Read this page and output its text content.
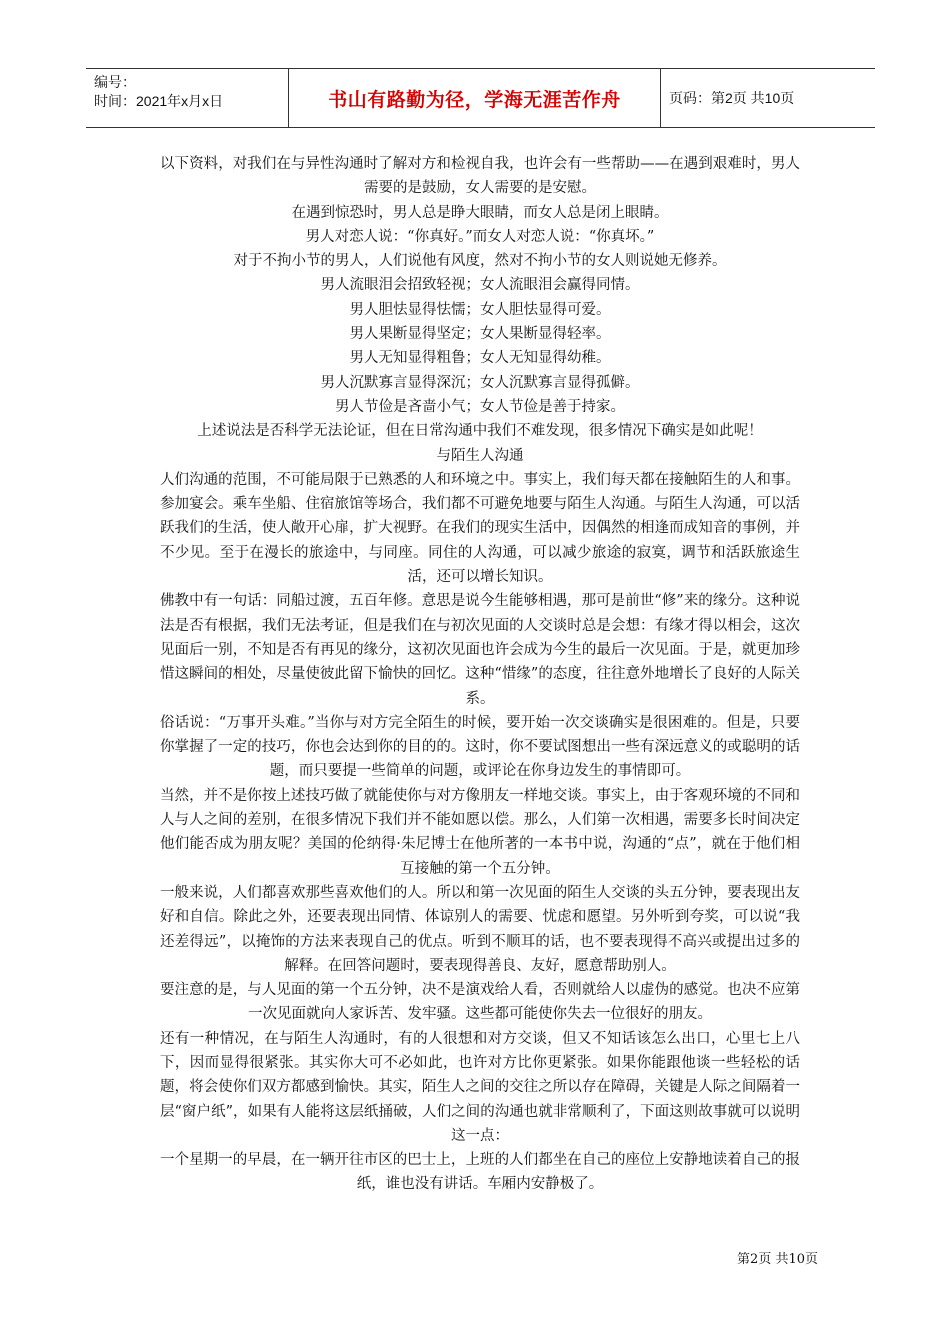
编号：
时间：2021年x月x日	书山有路勤为径，学海无涯苦作舟	页码：第2页 共10页

以下资料，对我们在与异性沟通时了解对方和检视自我，也许会有一些帮助——在遇到艰难时，男人需要的是鼓励，女人需要的是安慰。

在遇到惊恐时，男人总是睁大眼睛，而女人总是闭上眼睛。

男人对恋人说：“你真好。”而女人对恋人说：“你真坏。”

对于不拘小节的男人，人们说他有风度，然对不拘小节的女人则说她无修养。

男人流眼泪会招致轻视；女人流眼泪会赢得同情。

男人胆怯显得怯懦；女人胆怯显得可爱。

男人果断显得坚定；女人果断显得轻率。

男人无知显得粗鲁；女人无知显得幼稚。

男人沉默寡言显得深沉；女人沉默寡言显得孤僻。

男人节俭是吝啬小气；女人节俭是善于持家。

上述说法是否科学无法论证，但在日常沟通中我们不难发现，很多情况下确实是如此呢！

与陌生人沟通

人们沟通的范围，不可能局限于已熟悉的人和环境之中。事实上，我们每天都在接触陌生的人和事。参加宴会。乘车坐船、住宿旅馆等场合，我们都不可避免地要与陌生人沟通。与陌生人沟通，可以活跃我们的生活，使人敞开心扉，扩大视野。在我们的现实生活中，因偶然的相逢而成知音的事例，并不少见。至于在漫长的旅途中，与同座。同住的人沟通，可以减少旅途的寂寞，调节和活跃旅途生活，还可以增长知识。

佛教中有一句话：同船过渡，五百年修。意思是说今生能够相遇，那可是前世“修”来的缘分。这种说法是否有根据，我们无法考证，但是我们在与初次见面的人交谈时总是会想：有缘才得以相会，这次见面后一别，不知是否有再见的缘分，这初次见面也许会成为今生的最后一次见面。于是，就更加珍惜这瞬间的相处，尽量使彼此留下愉快的回忆。这种“惜缘”的态度，往往意外地增长了良好的人际关系。

俗话说：“万事开头难。”当你与对方完全陌生的时候，要开始一次交谈确实是很困难的。但是，只要你掌握了一定的技巧，你也会达到你的目的的。这时，你不要试图想出一些有深远意义的或聪明的话题，而只要提一些简单的问题，或评论在你身边发生的事情即可。

当然，并不是你按上述技巧做了就能使你与对方像朋友一样地交谈。事实上，由于客观环境的不同和人与人之间的差别，在很多情况下我们并不能如愿以偿。那么，人们第一次相遇，需要多长时间决定他们能否成为朋友呢？美国的伦纳得·朱尼博士在他所著的一本书中说，沟通的“点”，就在于他们相互接触的第一个五分钟。

一般来说，人们都喜欢那些喜欢他们的人。所以和第一次见面的陌生人交谈的头五分钟，要表现出友好和自信。除此之外，还要表现出同情、体谅别人的需要、忧虑和愿望。另外听到夸奖，可以说“我还差得远”，以掩饰的方法来表现自己的优点。听到不顺耳的话，也不要表现得不高兴或提出过多的解释。在回答问题时，要表现得善良、友好，愿意帮助别人。

要注意的是，与人见面的第一个五分钟，决不是演戏给人看，否则就给人以虚伪的感觉。也决不应第一次见面就向人家诉苦、发牢骚。这些都可能使你失去一位很好的朋友。

还有一种情况，在与陌生人沟通时，有的人很想和对方交谈，但又不知话该怎么出口，心里七上八下，因而显得很紧张。其实你大可不必如此，也许对方比你更紧张。如果你能跟他谈一些轻松的话题，将会使你们双方都感到愉快。其实，陌生人之间的交往之所以存在障碍，关键是人际之间隔着一层“窗户纸”，如果有人能将这层纸捅破，人们之间的沟通也就非常顺利了，下面这则故事就可以说明这一点：

一个星期一的早晨，在一辆开往市区的巴士上，上班的人们都坐在自己的座位上安静地读着自己的报纸，谁也没有讲话。车厢内安静极了。

第2页 共10页
